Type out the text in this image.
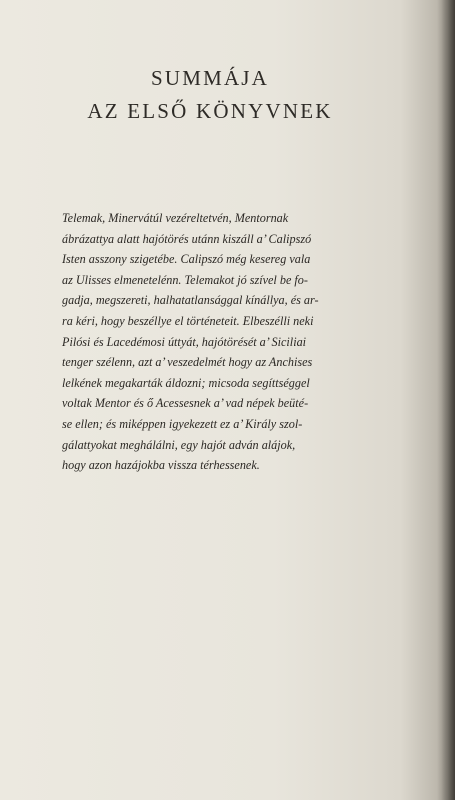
SUMMÁJA
AZ ELSŐ KÖNYVNEK
Telemak, Minervátúl vezéreltetvén, Mentornak
ábrázattya alatt hajótörés utánn kiszáll a’ Calipszó
Isten asszony szigetébe. Calipszó még kesereg vala
az Ulisses elmenetelénn. Telemakot jó szível be fo-
gadja, megszereti, halhatatlansággal kínállya, és ar-
ra kéri, hogy beszéllye el történeteit. Elbeszélli neki
Pilósi és Lacedémosi úttyát, hajótörését a’ Siciliai
tenger szélenn, azt a’ veszedelmét hogy az Anchises
lelkének megakarták áldozni; micsoda segíttséggel
voltak Mentor és ő Acessesnek a’ vad népek beüté-
se ellen; és miképpen igyekezett ez a’ Király szol-
gálattyokat meghálálni, egy hajót adván alájok,
hogy azon hazájokba vissza térhessenek.
